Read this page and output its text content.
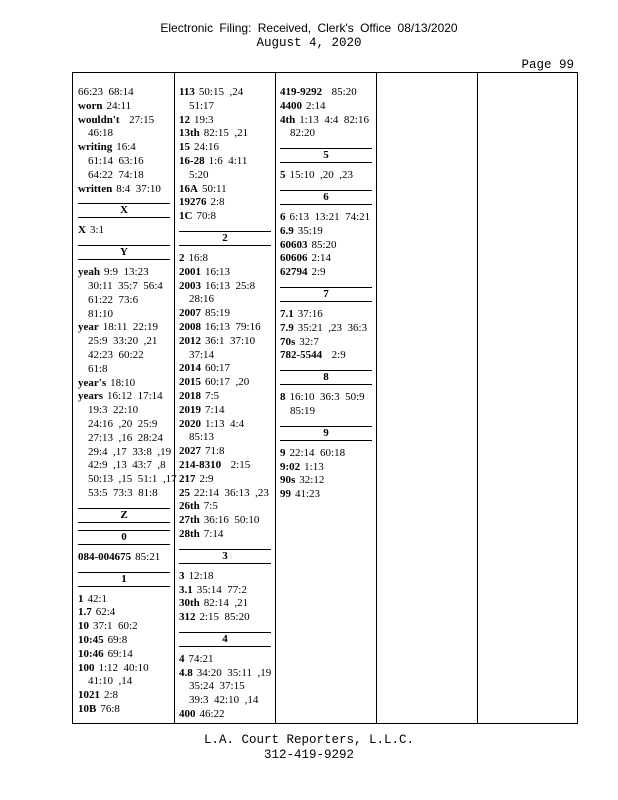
Electronic Filing: Received, Clerk's Office 08/13/2020
August 4, 2020
Page 99
66:23  68:14
worn 24:11
wouldn't  27:15
46:18
writing 16:4
61:14  63:16
64:22  74:18
written 8:4  37:10
X
X 3:1
Y
yeah 9:9  13:23
30:11  35:7  56:4
61:22  73:6
81:10
year 18:11  22:19
25:9  33:20  ,21
42:23  60:22
61:8
year's 18:10
years 16:12  17:14
19:3  22:10
24:16  ,20  25:9
27:13  ,16  28:24
29:4  ,17  33:8  ,19
42:9  ,13  43:7  ,8
50:13  ,15  51:1  ,17
53:5  73:3  81:8
Z
0
084-004675 85:21
1
1 42:1
1.7 62:4
10 37:1  60:2
10:45 69:8
10:46 69:14
100 1:12  40:10
41:10  ,14
1021 2:8
10B 76:8
113 50:15  ,24
51:17
12 19:3
13th 82:15  ,21
15 24:16
16-28 1:6  4:11
5:20
16A 50:11
19276 2:8
1C 70:8
2
2 16:8
2001 16:13
2003 16:13  25:8
28:16
2007 85:19
2008 16:13  79:16
2012 36:1  37:10
37:14
2014 60:17
2015 60:17  ,20
2018 7:5
2019 7:14
2020 1:13  4:4
85:13
2027 71:8
214-8310  2:15
217 2:9
25 22:14  36:13  ,23
26th 7:5
27th 36:16  50:10
28th 7:14
3
3 12:18
3.1 35:14  77:2
30th 82:14  ,21
312 2:15  85:20
4
4 74:21
4.8 34:20  35:11  ,19
35:24  37:15
39:3  42:10  ,14
400 46:22
419-9292  85:20
4400 2:14
4th 1:13  4:4  82:16
82:20
5
5 15:10  ,20  ,23
6
6 6:13  13:21  74:21
6.9 35:19
60603 85:20
60606 2:14
62794 2:9
7
7.1 37:16
7.9 35:21  ,23  36:3
70s 32:7
782-5544  2:9
8
8 16:10  36:3  50:9
85:19
9
9 22:14  60:18
9:02 1:13
90s 32:12
99 41:23
L.A. Court Reporters, L.L.C.
312-419-9292
